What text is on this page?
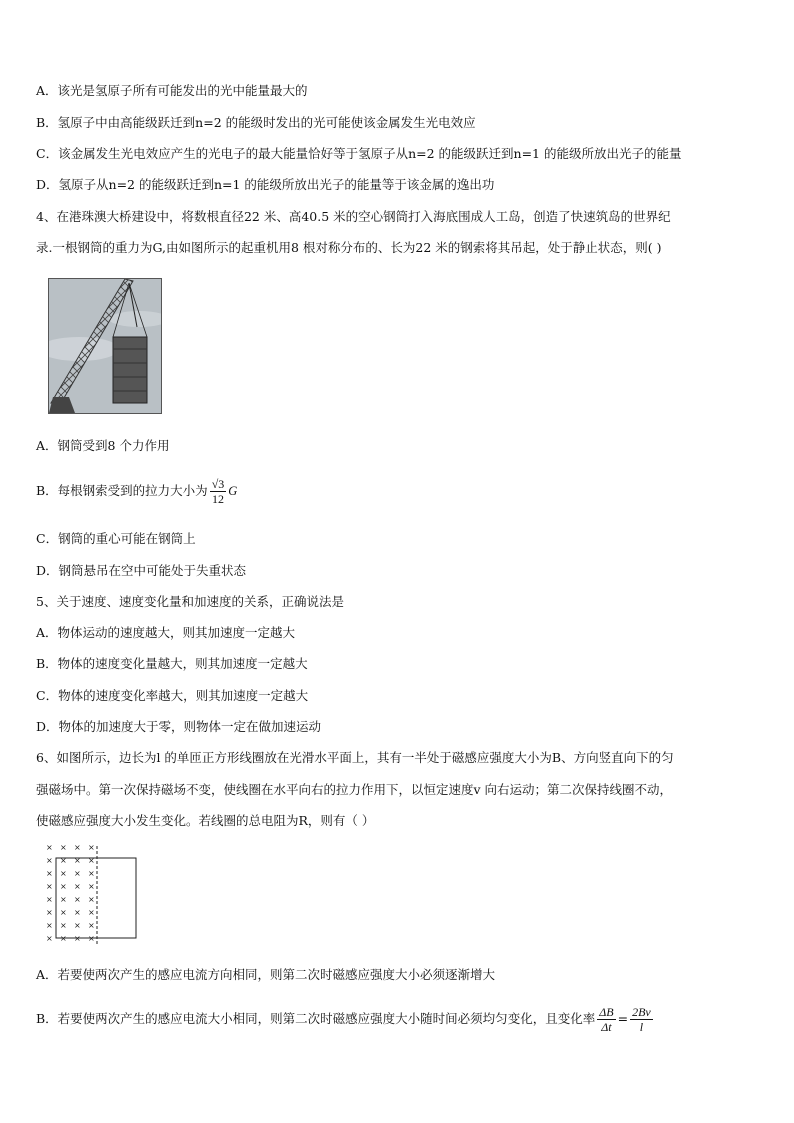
A．该光是氢原子所有可能发出的光中能量最大的
B．氢原子中由高能级跃迁到n=2 的能级时发出的光可能使该金属发生光电效应
C．该金属发生光电效应产生的光电子的最大能量恰好等于氢原子从n=2 的能级跃迁到n=1 的能级所放出光子的能量
D．氢原子从n=2 的能级跃迁到n=1 的能级所放出光子的能量等于该金属的逸出功
4、在港珠澳大桥建设中，将数根直径22 米、高40.5 米的空心钢筒打入海底围成人工岛，创造了快速筑岛的世界纪
录.一根钢筒的重力为G,由如图所示的起重机用8 根对称分布的、长为22 米的钢索将其吊起，处于静止状态，则( )
A．钢筒受到8 个力作用
B．每根钢索受到的拉力大小为 $\frac{√3}{12}$ G
C．钢筒的重心可能在钢筒上
D．钢筒悬吊在空中可能处于失重状态
5、关于速度、速度变化量和加速度的关系，正确说法是
A．物体运动的速度越大，则其加速度一定越大
B．物体的速度变化量越大，则其加速度一定越大
C．物体的速度变化率越大，则其加速度一定越大
D．物体的加速度大于零，则物体一定在做加速运动
6、如图所示，边长为l 的单匝正方形线圈放在光滑水平面上，其有一半处于磁感应强度大小为B、方向竖直向下的匀
强磁场中。第一次保持磁场不变，使线圈在水平向右的拉力作用下，以恒定速度v 向右运动；第二次保持线圈不动，
使磁感应强度大小发生变化。若线圈的总电阻为R，则有（ ）
× × × ×
× × × ×
× × × ×
× × × ×
× × × ×
× × × ×
× × × ×
× × × ×
A．若要使两次产生的感应电流方向相同，则第二次时磁感应强度大小必须逐渐增大
B．若要使两次产生的感应电流大小相同，则第二次时磁感应强度大小随时间必须均匀变化，且变化率 $\frac{\Delta B}{\Delta t} = \frac{2Bv}{l}$
